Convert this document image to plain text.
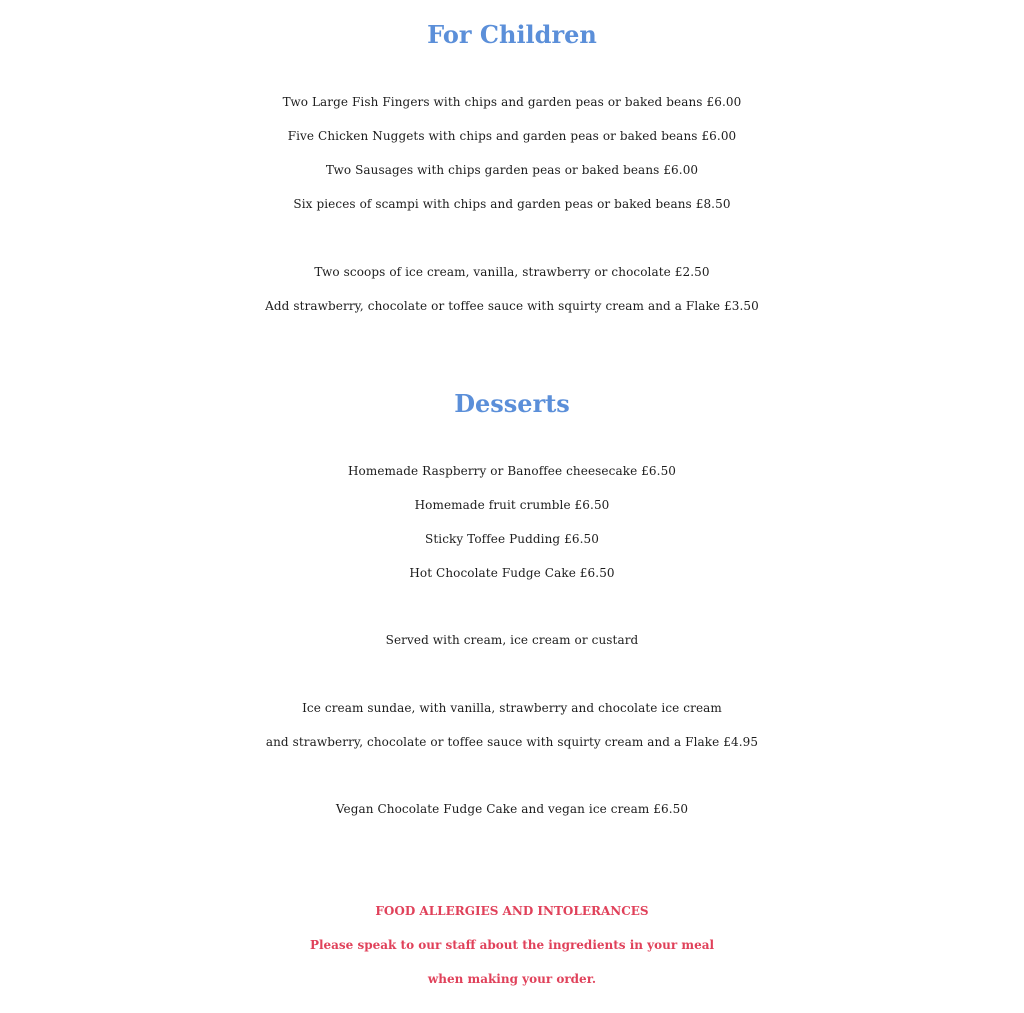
For Children
Two Large Fish Fingers with chips and garden peas or baked beans £6.00
Five Chicken Nuggets with chips and garden peas or baked beans £6.00
Two Sausages with chips garden peas or baked beans £6.00
Six pieces of scampi with chips and garden peas or baked beans £8.50
Two scoops of ice cream, vanilla, strawberry or chocolate £2.50
Add strawberry, chocolate or toffee sauce with squirty cream and a Flake £3.50
Desserts
Homemade Raspberry or Banoffee cheesecake £6.50
Homemade fruit crumble £6.50
Sticky Toffee Pudding £6.50
Hot Chocolate Fudge Cake £6.50
Served with cream, ice cream or custard
Ice cream sundae, with vanilla, strawberry and chocolate ice cream
and strawberry, chocolate or toffee sauce with squirty cream and a Flake £4.95
Vegan Chocolate Fudge Cake and vegan ice cream £6.50
FOOD ALLERGIES AND INTOLERANCES
Please speak to our staff about the ingredients in your meal
when making your order.
